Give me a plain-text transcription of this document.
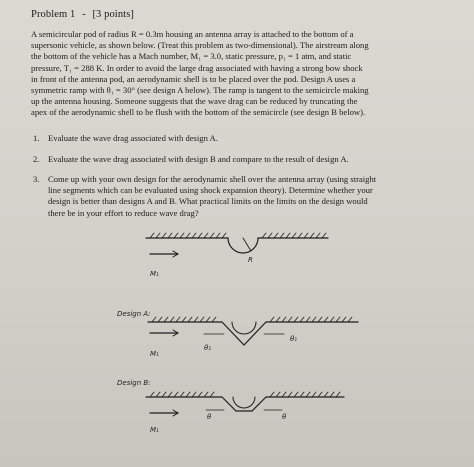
Problem 1 - [3 points]
A semicircular pod of radius R = 0.3m housing an antenna array is attached to the bottom of a
supersonic vehicle, as shown below. (Treat this problem as two-dimensional). The airstream along
the bottom of the vehicle has a Mach number, M₁ = 3.0, static pressure, p₁ = 1 atm, and static
pressure, T₁ = 288 K. In order to avoid the large drag associated with having a strong bow shock
in front of the antenna pod, an aerodynamic shell is to be placed over the pod. Design A uses a
symmetric ramp with θ₁ = 30° (see design A below). The ramp is tangent to the semicircle making
up the antenna housing. Someone suggests that the wave drag can be reduced by truncating the
apex of the aerodynamic shell to be flush with the bottom of the semicircle (see design B below).
1. Evaluate the wave drag associated with design A.
2. Evaluate the wave drag associated with design B and compare to the result of design A.
3. Come up with your own design for the aerodynamic shell over the antenna array (using straight
line segments which can be evaluated using shock expansion theory). Determine whether your
design is better than designs A and B. What practical limits on the limits on the design would
there be in your effort to reduce wave drag?
R
M₁
Design A:
M₁
θ₁
θ₁
Design B:
M₁
θ	θ
